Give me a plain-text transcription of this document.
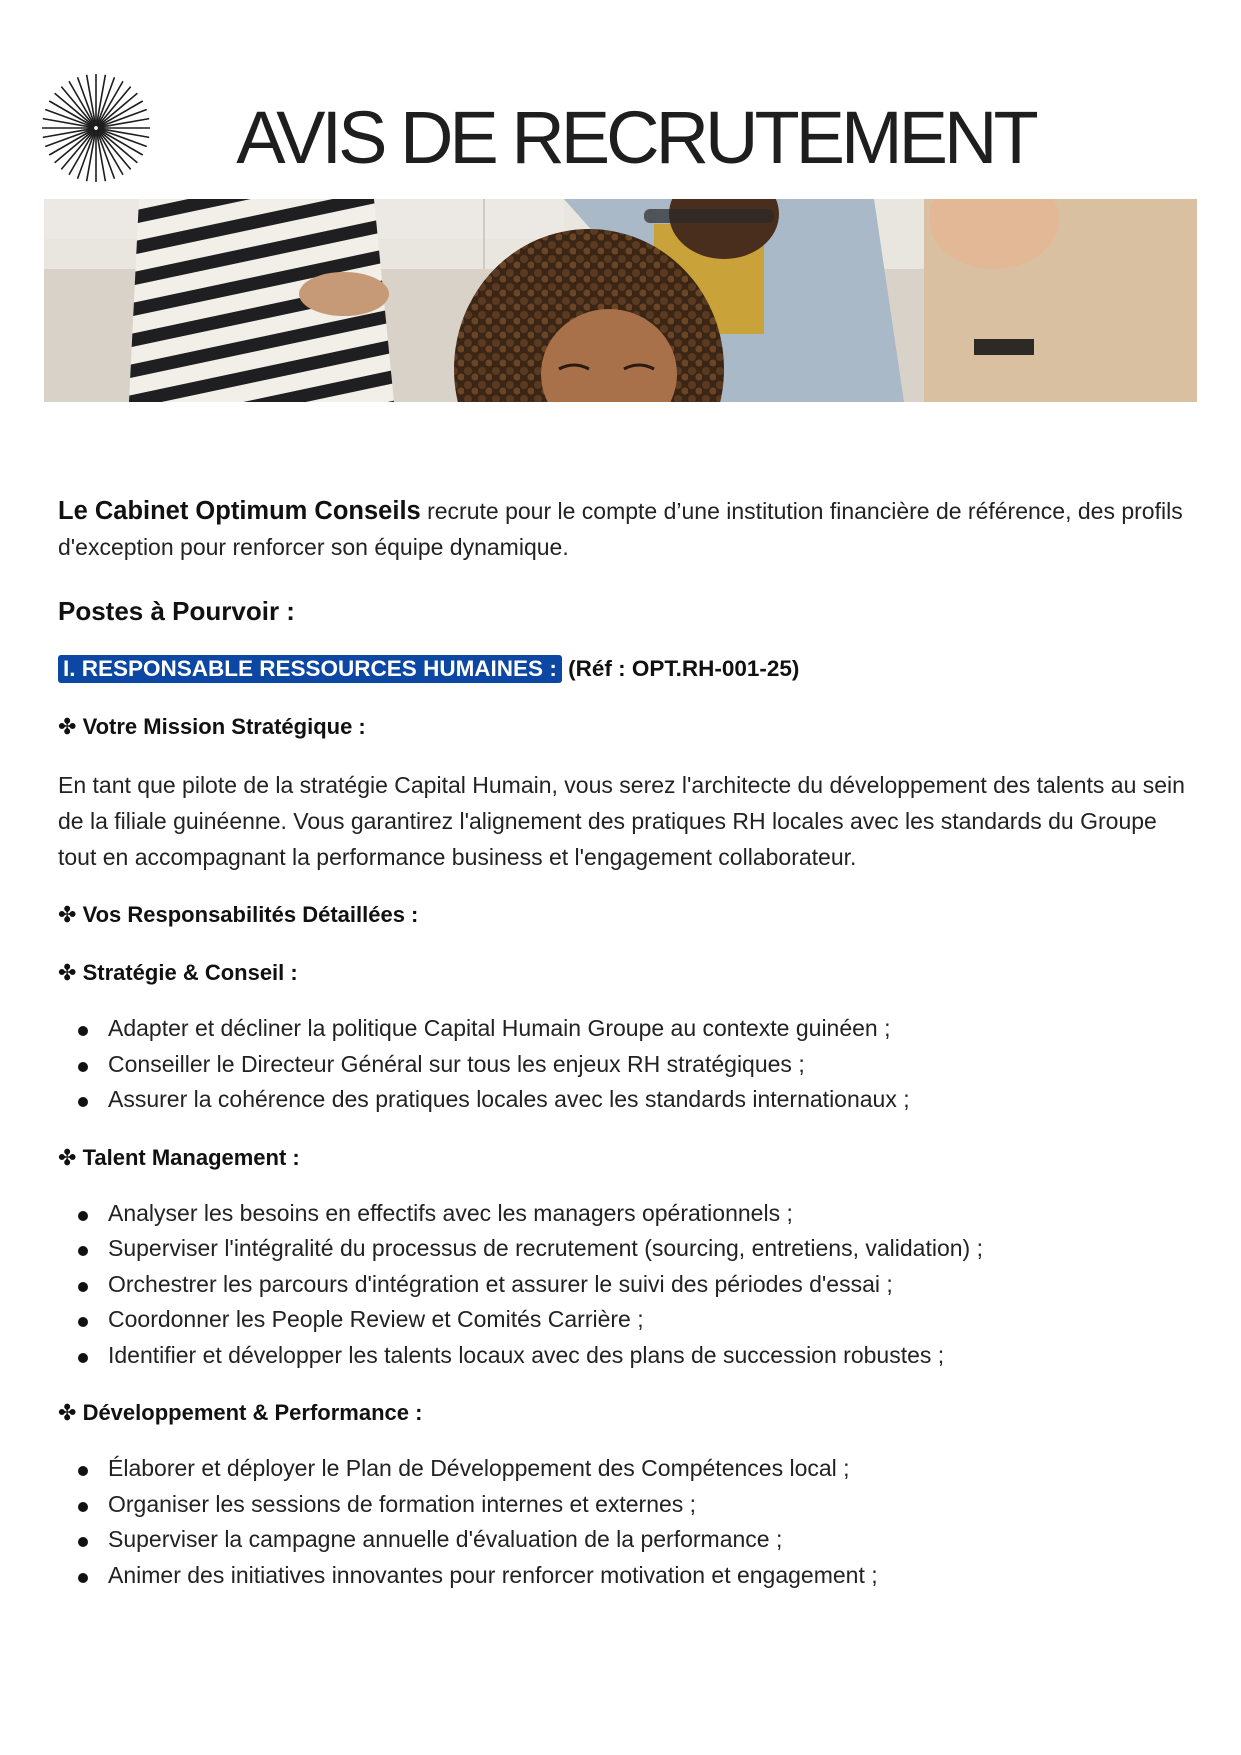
AVIS DE RECRUTEMENT

Le Cabinet Optimum Conseils recrute pour le compte d’une institution financière de référence, des profils d'exception pour renforcer son équipe dynamique.

Postes à Pourvoir :

I. RESPONSABLE RESSOURCES HUMAINES : (Réf : OPT.RH-001-25)

✤ Votre Mission Stratégique :

En tant que pilote de la stratégie Capital Humain, vous serez l'architecte du développement des talents au sein de la filiale guinéenne. Vous garantirez l'alignement des pratiques RH locales avec les standards du Groupe tout en accompagnant la performance business et l'engagement collaborateur.

✤ Vos Responsabilités Détaillées :
✤ Stratégie & Conseil :
Adapter et décliner la politique Capital Humain Groupe au contexte guinéen ;
Conseiller le Directeur Général sur tous les enjeux RH stratégiques ;
Assurer la cohérence des pratiques locales avec les standards internationaux ;
✤ Talent Management :
Analyser les besoins en effectifs avec les managers opérationnels ;
Superviser l'intégralité du processus de recrutement (sourcing, entretiens, validation) ;
Orchestrer les parcours d'intégration et assurer le suivi des périodes d'essai ;
Coordonner les People Review et Comités Carrière ;
Identifier et développer les talents locaux avec des plans de succession robustes ;
✤ Développement & Performance :
Élaborer et déployer le Plan de Développement des Compétences local ;
Organiser les sessions de formation internes et externes ;
Superviser la campagne annuelle d'évaluation de la performance ;
Animer des initiatives innovantes pour renforcer motivation et engagement ;
